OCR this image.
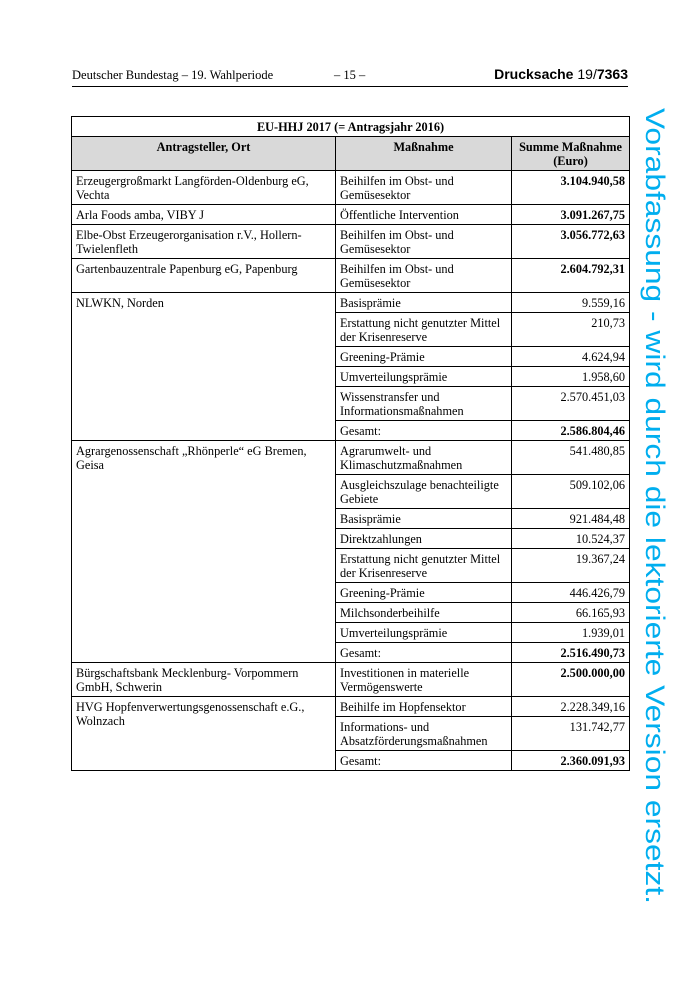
Deutscher Bundestag – 19. Wahlperiode	– 15 –	Drucksache 19/7363
EU-HHJ 2017 (= Antragsjahr 2016)		
Antragsteller, Ort	Maßnahme	Summe Maßnahme (Euro)
Erzeugergroßmarkt Langförden-Oldenburg eG, Vechta	Beihilfen im Obst- und Gemüsesektor	3.104.940,58
Arla Foods amba, VIBY J	Öffentliche Intervention	3.091.267,75
Elbe-Obst Erzeugerorganisation r.V., Hollern-Twielenfleth	Beihilfen im Obst- und Gemüsesektor	3.056.772,63
Gartenbauzentrale Papenburg eG, Papenburg	Beihilfen im Obst- und Gemüsesektor	2.604.792,31
NLWKN, Norden	Basisprämie	9.559,16
	Erstattung nicht genutzter Mittel der Krisenreserve	210,73
	Greening-Prämie	4.624,94
	Umverteilungsprämie	1.958,60
	Wissenstransfer und Informationsmaßnahmen	2.570.451,03
	Gesamt:	2.586.804,46
Agrargenossenschaft „Rhönperle“ eG Bremen, Geisa	Agrarumwelt- und Klimaschutzmaßnahmen	541.480,85
	Ausgleichszulage benachteiligte Gebiete	509.102,06
	Basisprämie	921.484,48
	Direktzahlungen	10.524,37
	Erstattung nicht genutzter Mittel der Krisenreserve	19.367,24
	Greening-Prämie	446.426,79
	Milchsonderbeihilfe	66.165,93
	Umverteilungsprämie	1.939,01
	Gesamt:	2.516.490,73
Bürgschaftsbank Mecklenburg- Vorpommern GmbH, Schwerin	Investitionen in materielle Vermögenswerte	2.500.000,00
HVG Hopfenverwertungsgenossenschaft e.G., Wolnzach	Beihilfe im Hopfensektor	2.228.349,16
	Informations- und Absatzförderungsmaßnahmen	131.742,77
	Gesamt:	2.360.091,93 Vorabfassung - wird durch die lektorierte Version ersetzt.
